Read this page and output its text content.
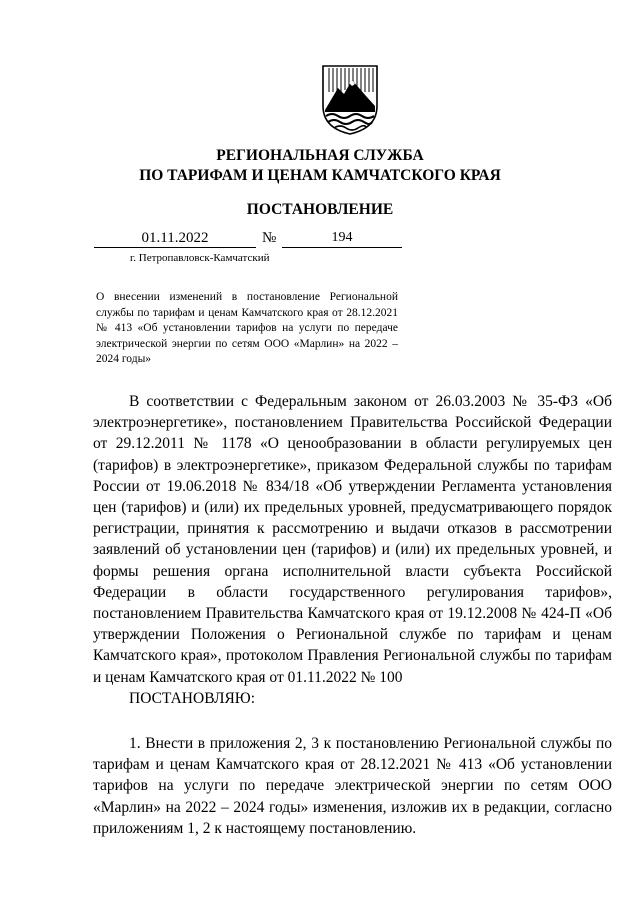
РЕГИОНАЛЬНАЯ СЛУЖБА
ПО ТАРИФАМ И ЦЕНАМ КАМЧАТСКОГО КРАЯ
ПОСТАНОВЛЕНИЕ
01.11.2022	№	194
г. Петропавловск-Камчатский
О внесении изменений в постановление Региональной службы по тарифам и ценам Камчатского края от 28.12.2021 № 413 «Об установлении тарифов на услуги по передаче электрической энергии по сетям ООО «Марлин» на 2022 – 2024 годы»
В соответствии с Федеральным законом от 26.03.2003 № 35-ФЗ «Об электроэнергетике», постановлением Правительства Российской Федерации от 29.12.2011 № 1178 «О ценообразовании в области регулируемых цен (тарифов) в электроэнергетике», приказом Федеральной службы по тарифам России от 19.06.2018 № 834/18 «Об утверждении Регламента установления цен (тарифов) и (или) их предельных уровней, предусматривающего порядок регистрации, принятия к рассмотрению и выдачи отказов в рассмотрении заявлений об установлении цен (тарифов) и (или) их предельных уровней, и формы решения органа исполнительной власти субъекта Российской Федерации в области государственного регулирования тарифов», постановлением Правительства Камчатского края от 19.12.2008 № 424-П «Об утверждении Положения о Региональной службе по тарифам и ценам Камчатского края», протоколом Правления Региональной службы по тарифам и ценам Камчатского края от 01.11.2022 № 100
ПОСТАНОВЛЯЮ:
1. Внести в приложения 2, 3 к постановлению Региональной службы по тарифам и ценам Камчатского края от 28.12.2021 № 413 «Об установлении тарифов на услуги по передаче электрической энергии по сетям ООО «Марлин» на 2022 – 2024 годы» изменения, изложив их в редакции, согласно приложениям 1, 2 к настоящему постановлению.
